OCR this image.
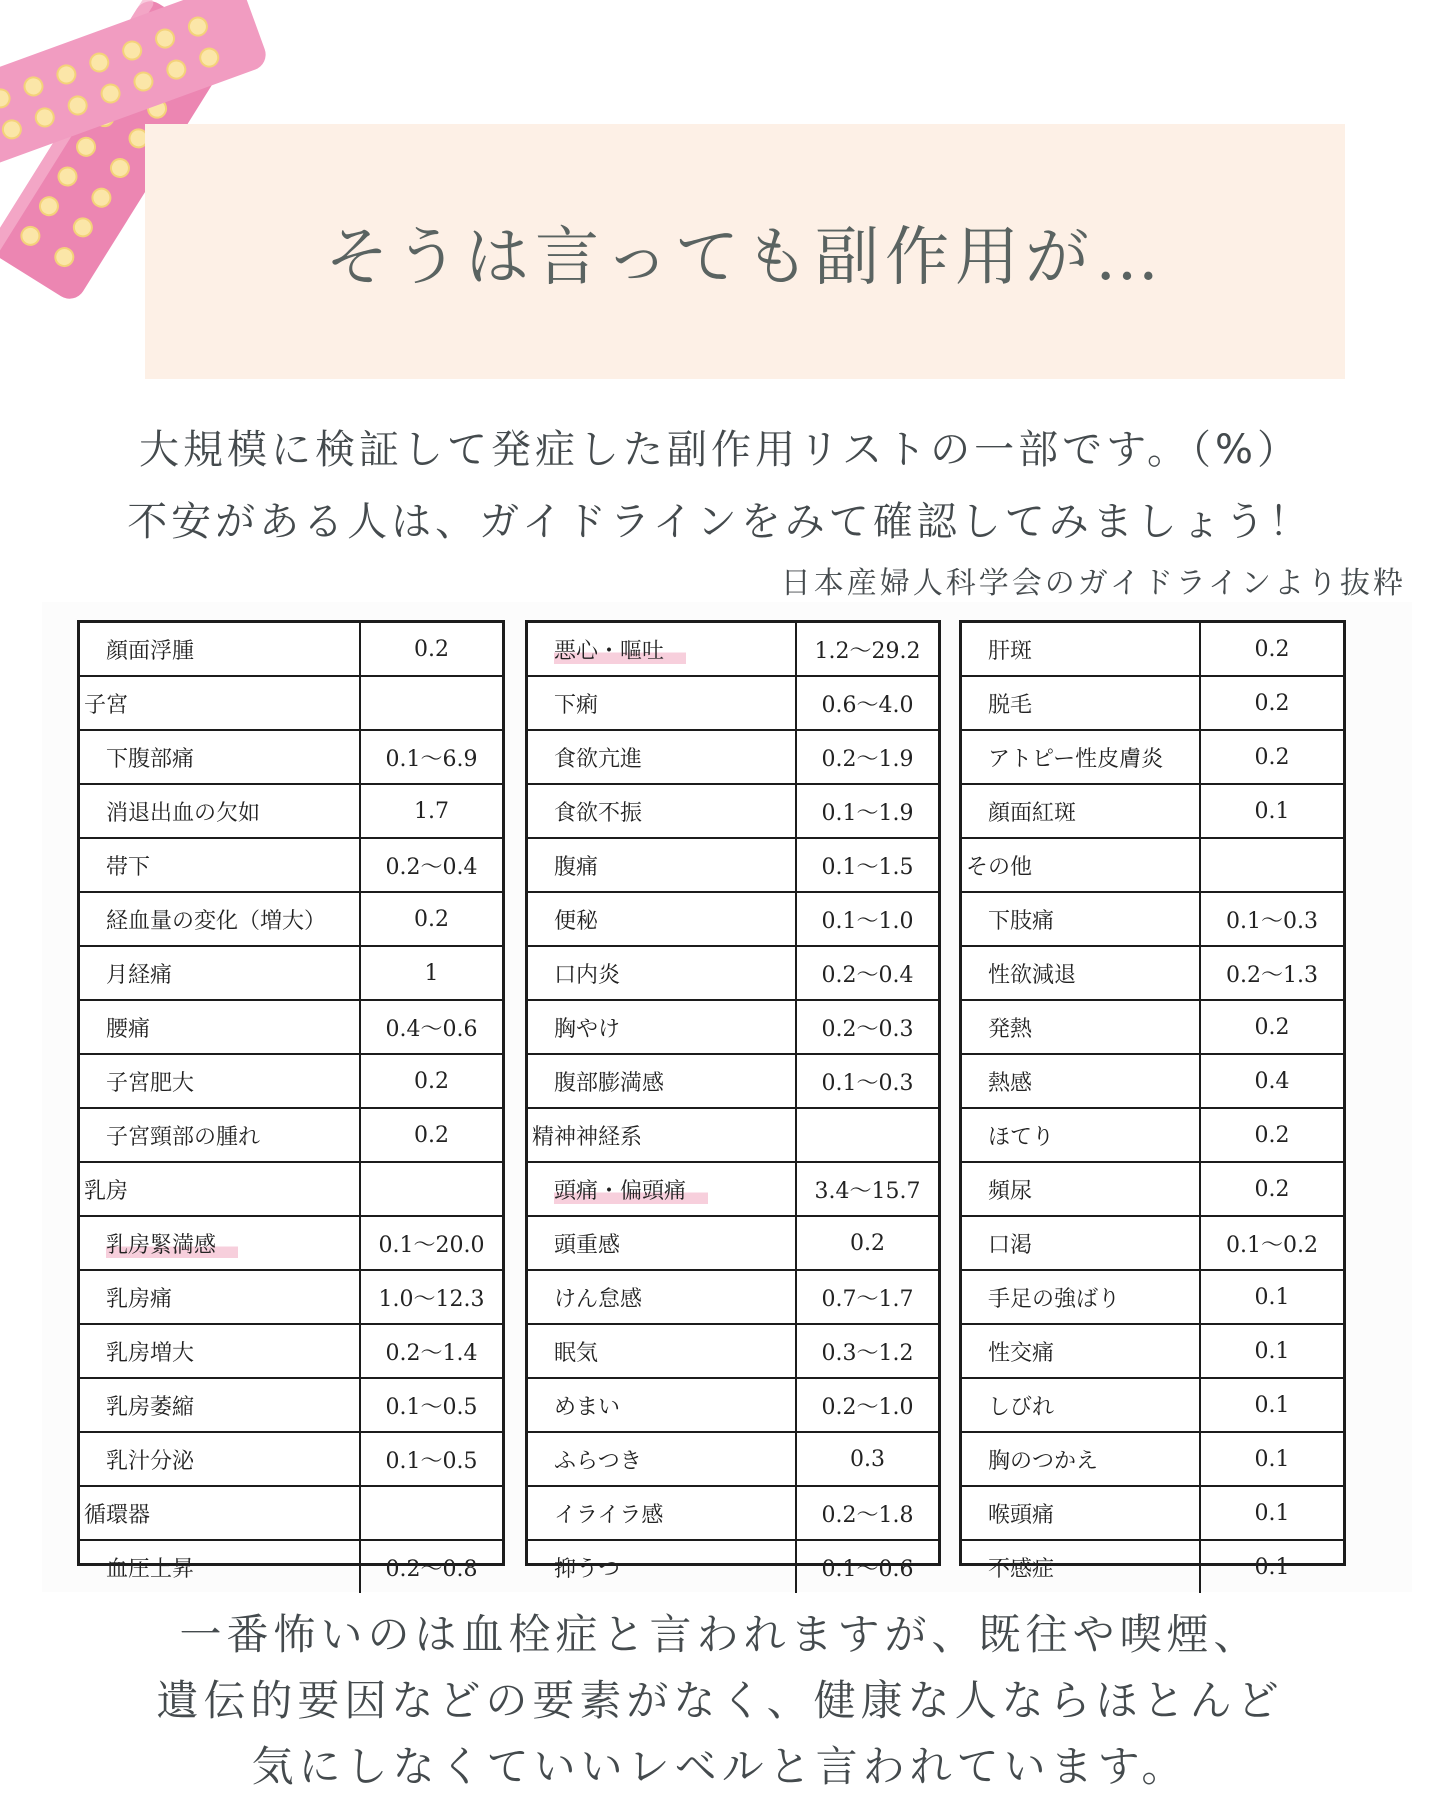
そうは言っても副作用が…
大規模に検証して発症した副作用リストの一部です。（%）
不安がある人は、ガイドラインをみて確認してみましょう！
日本産婦人科学会のガイドラインより抜粋
顔面浮腫	0.2
子宮	
下腹部痛	0.1〜6.9
消退出血の欠如	1.7
帯下	0.2〜0.4
経血量の変化（増大）	0.2
月経痛	1
腰痛	0.4〜0.6
子宮肥大	0.2
子宮頸部の腫れ	0.2
乳房	
乳房緊満感	0.1〜20.0
乳房痛	1.0〜12.3
乳房増大	0.2〜1.4
乳房萎縮	0.1〜0.5
乳汁分泌	0.1〜0.5
循環器	
血圧上昇	0.2〜0.8
悪心・嘔吐	1.2〜29.2
下痢	0.6〜4.0
食欲亢進	0.2〜1.9
食欲不振	0.1〜1.9
腹痛	0.1〜1.5
便秘	0.1〜1.0
口内炎	0.2〜0.4
胸やけ	0.2〜0.3
腹部膨満感	0.1〜0.3
精神神経系	
頭痛・偏頭痛	3.4〜15.7
頭重感	0.2
けん怠感	0.7〜1.7
眠気	0.3〜1.2
めまい	0.2〜1.0
ふらつき	0.3
イライラ感	0.2〜1.8
抑うつ	0.1〜0.6
肝斑	0.2
脱毛	0.2
アトピー性皮膚炎	0.2
顔面紅斑	0.1
その他	
下肢痛	0.1〜0.3
性欲減退	0.2〜1.3
発熱	0.2
熱感	0.4
ほてり	0.2
頻尿	0.2
口渇	0.1〜0.2
手足の強ばり	0.1
性交痛	0.1
しびれ	0.1
胸のつかえ	0.1
喉頭痛	0.1
不感症	0.1
一番怖いのは血栓症と言われますが、既往や喫煙、
遺伝的要因などの要素がなく、健康な人ならほとんど
気にしなくていいレベルと言われています。
